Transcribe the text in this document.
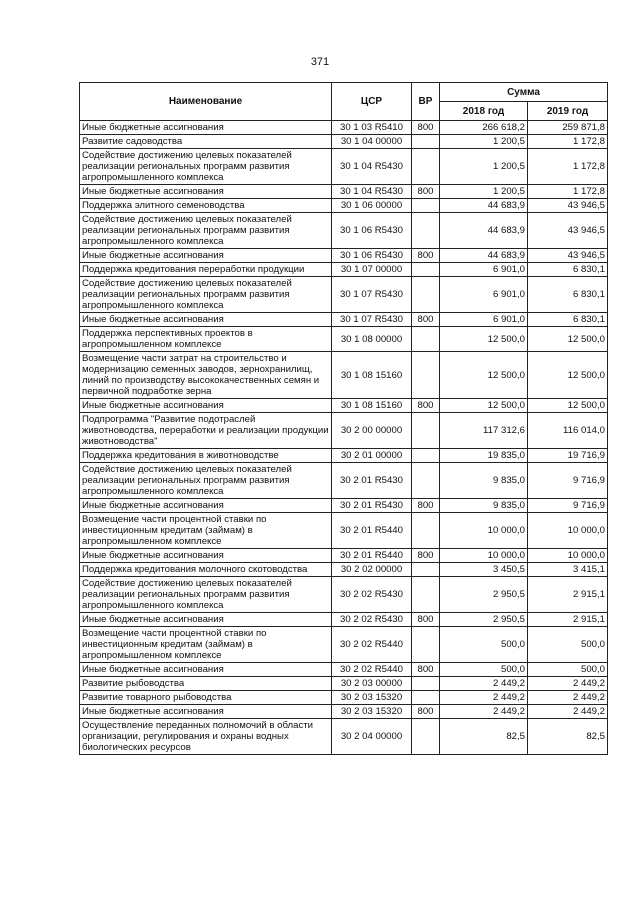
371
Наименование	ЦСР	ВР	Сумма	
			2018 год	2019 год
Иные бюджетные ассигнования	30 1 03 R5410	800	266 618,2	259 871,8
Развитие садоводства	30 1 04 00000		1 200,5	1 172,8
Содействие достижению целевых показателей реализации региональных программ развития агропромышленного комплекса	30 1 04 R5430		1 200,5	1 172,8
Иные бюджетные ассигнования	30 1 04 R5430	800	1 200,5	1 172,8
Поддержка элитного семеноводства	30 1 06 00000		44 683,9	43 946,5
Содействие достижению целевых показателей реализации региональных программ развития агропромышленного комплекса	30 1 06 R5430		44 683,9	43 946,5
Иные бюджетные ассигнования	30 1 06 R5430	800	44 683,9	43 946,5
Поддержка кредитования переработки продукции	30 1 07 00000		6 901,0	6 830,1
Содействие достижению целевых показателей реализации региональных программ развития агропромышленного комплекса	30 1 07 R5430		6 901,0	6 830,1
Иные бюджетные ассигнования	30 1 07 R5430	800	6 901,0	6 830,1
Поддержка перспективных проектов в агропромышленном комплексе	30 1 08 00000		12 500,0	12 500,0
Возмещение части затрат на строительство и модернизацию семенных заводов, зернохранилищ, линий по производству высококачественных семян и первичной подработке зерна	30 1 08 15160		12 500,0	12 500,0
Иные бюджетные ассигнования	30 1 08 15160	800	12 500,0	12 500,0
Подпрограмма "Развитие подотраслей животноводства, переработки и реализации продукции животноводства"	30 2 00 00000		117 312,6	116 014,0
Поддержка кредитования в животноводстве	30 2 01 00000		19 835,0	19 716,9
Содействие достижению целевых показателей реализации региональных программ развития агропромышленного комплекса	30 2 01 R5430		9 835,0	9 716,9
Иные бюджетные ассигнования	30 2 01 R5430	800	9 835,0	9 716,9
Возмещение части процентной ставки по инвестиционным кредитам (займам) в агропромышленном комплексе	30 2 01 R5440		10 000,0	10 000,0
Иные бюджетные ассигнования	30 2 01 R5440	800	10 000,0	10 000,0
Поддержка кредитования молочного скотоводства	30 2 02 00000		3 450,5	3 415,1
Содействие достижению целевых показателей реализации региональных программ развития агропромышленного комплекса	30 2 02 R5430		2 950,5	2 915,1
Иные бюджетные ассигнования	30 2 02 R5430	800	2 950,5	2 915,1
Возмещение части процентной ставки по инвестиционным кредитам (займам) в агропромышленном комплексе	30 2 02 R5440		500,0	500,0
Иные бюджетные ассигнования	30 2 02 R5440	800	500,0	500,0
Развитие рыбоводства	30 2 03 00000		2 449,2	2 449,2
Развитие товарного рыбоводства	30 2 03 15320		2 449,2	2 449,2
Иные бюджетные ассигнования	30 2 03 15320	800	2 449,2	2 449,2
Осуществление переданных полномочий в области организации, регулирования и охраны водных биологических ресурсов	30 2 04 00000		82,5	82,5
